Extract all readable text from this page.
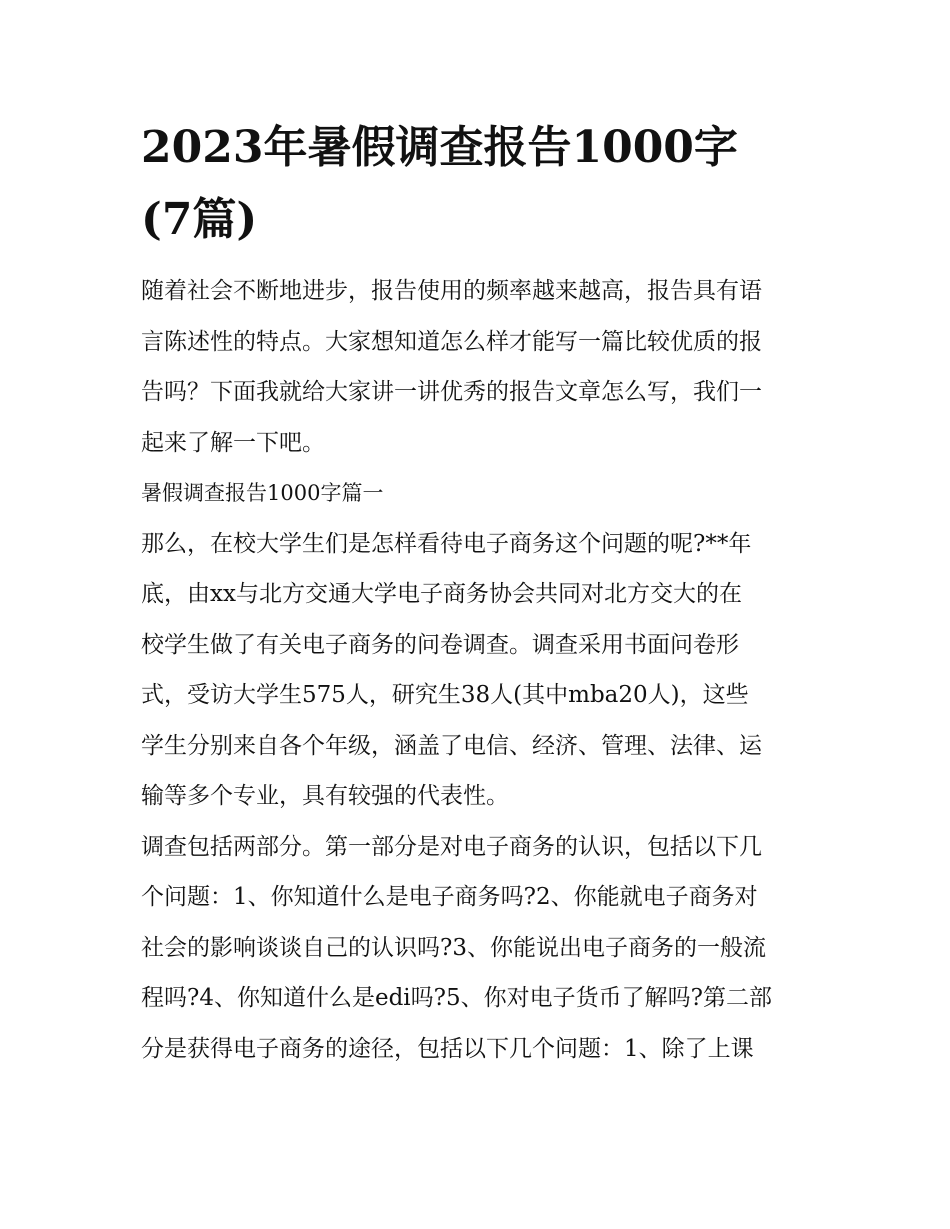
2023年暑假调查报告1000字
(7篇)

随着社会不断地进步，报告使用的频率越来越高，报告具有语
言陈述性的特点。大家想知道怎么样才能写一篇比较优质的报
告吗？下面我就给大家讲一讲优秀的报告文章怎么写，我们一
起来了解一下吧。

暑假调查报告1000字篇一

那么，在校大学生们是怎样看待电子商务这个问题的呢?**年
底，由xx与北方交通大学电子商务协会共同对北方交大的在
校学生做了有关电子商务的问卷调查。调查采用书面问卷形
式，受访大学生575人，研究生38人(其中mba20人)，这些
学生分别来自各个年级，涵盖了电信、经济、管理、法律、运
输等多个专业，具有较强的代表性。

调查包括两部分。第一部分是对电子商务的认识，包括以下几
个问题：1、你知道什么是电子商务吗?2、你能就电子商务对
社会的影响谈谈自己的认识吗?3、你能说出电子商务的一般流
程吗?4、你知道什么是edi吗?5、你对电子货币了解吗?第二部
分是获得电子商务的途径，包括以下几个问题：1、除了上课
